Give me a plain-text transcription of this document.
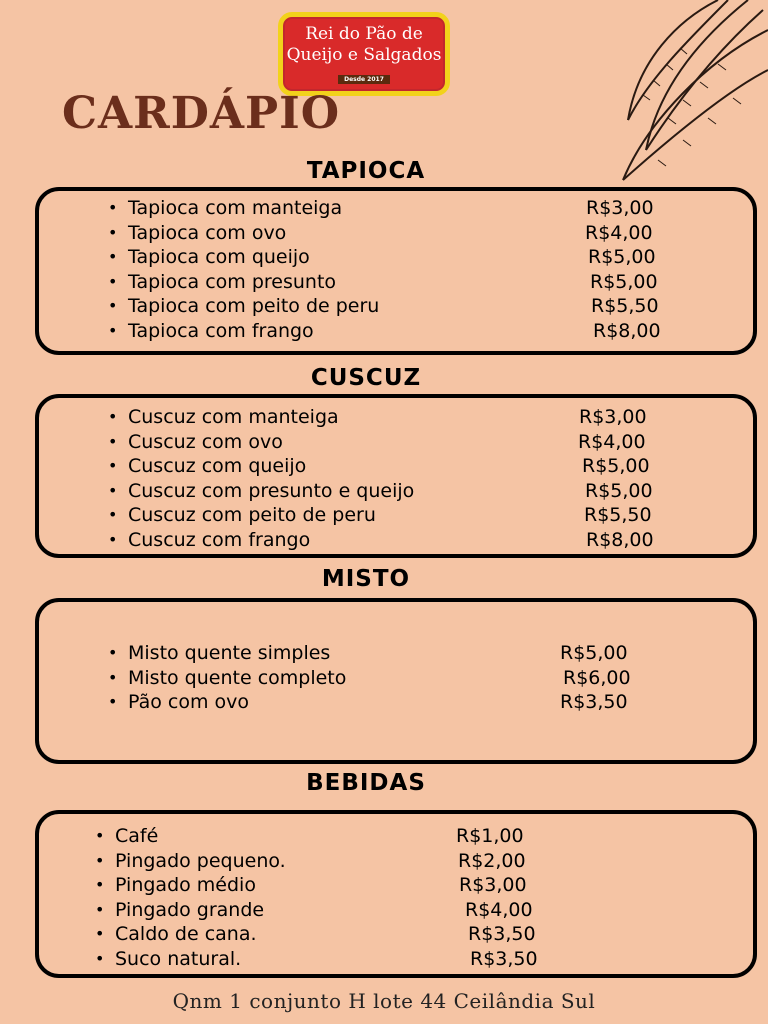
Rei do Pão de
Queijo e Salgados
Desde 2017
CARDÁPIO
TAPIOCA
• Tapioca com manteiga	R$3,00
• Tapioca com ovo	R$4,00
• Tapioca com queijo	R$5,00
• Tapioca com presunto	R$5,00
• Tapioca com peito de peru	R$5,50
• Tapioca com frango	R$8,00
CUSCUZ
• Cuscuz com manteiga	R$3,00
• Cuscuz com ovo	R$4,00
• Cuscuz com queijo	R$5,00
• Cuscuz com presunto e queijo	R$5,00
• Cuscuz com peito de peru	R$5,50
• Cuscuz com frango	R$8,00
MISTO
• Misto quente simples	R$5,00
• Misto quente completo	R$6,00
• Pão com ovo	R$3,50
BEBIDAS
• Café	R$1,00
• Pingado pequeno.	R$2,00
• Pingado médio	R$3,00
• Pingado grande	R$4,00
• Caldo de cana.	R$3,50
• Suco natural.	R$3,50
Qnm 1 conjunto H lote 44 Ceilândia Sul
